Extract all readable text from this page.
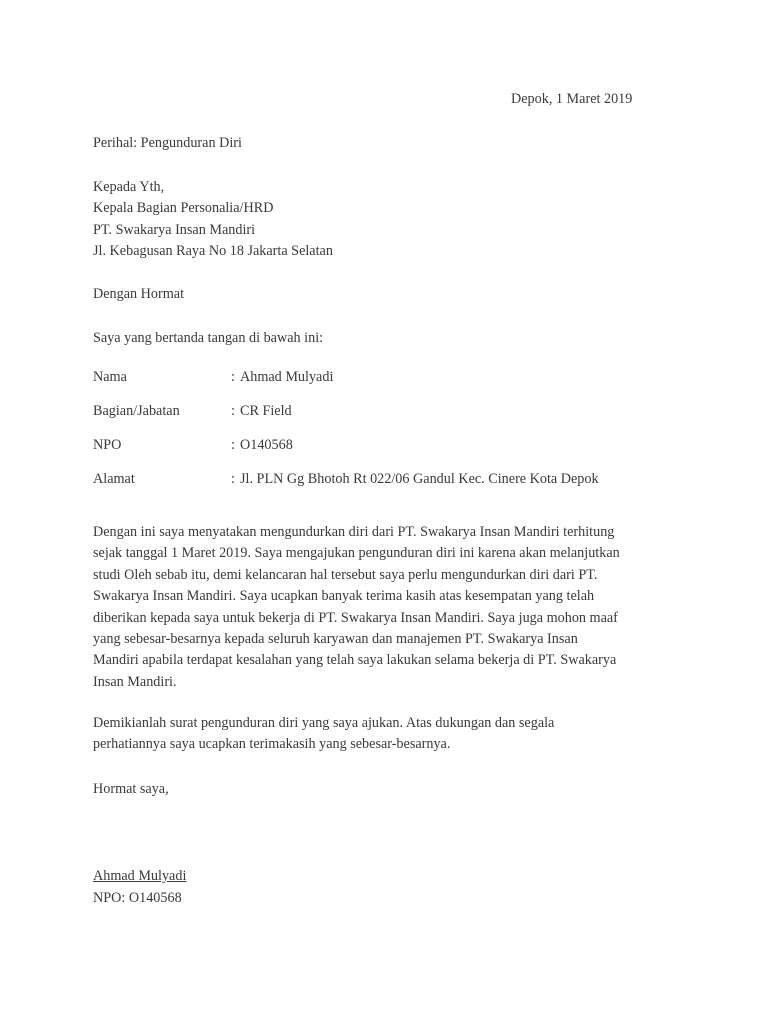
Depok, 1 Maret 2019
Perihal: Pengunduran Diri
Kepada Yth,
Kepala Bagian Personalia/HRD
PT. Swakarya Insan Mandiri
Jl. Kebagusan Raya No 18 Jakarta Selatan
Dengan Hormat
Saya yang bertanda tangan di bawah ini:
Nama	: Ahmad Mulyadi
Bagian/Jabatan	: CR Field
NPO	: O140568
Alamat	: Jl. PLN Gg Bhotoh Rt 022/06 Gandul Kec. Cinere Kota Depok
Dengan ini saya menyatakan mengundurkan diri dari PT. Swakarya Insan Mandiri terhitung
sejak tanggal 1 Maret 2019. Saya mengajukan pengunduran diri ini karena akan melanjutkan
studi Oleh sebab itu, demi kelancaran hal tersebut saya perlu mengundurkan diri dari PT.
Swakarya Insan Mandiri. Saya ucapkan banyak terima kasih atas kesempatan yang telah
diberikan kepada saya untuk bekerja di PT. Swakarya Insan Mandiri. Saya juga mohon maaf
yang sebesar-besarnya kepada seluruh karyawan dan manajemen PT. Swakarya Insan
Mandiri apabila terdapat kesalahan yang telah saya lakukan selama bekerja di PT. Swakarya
Insan Mandiri.
Demikianlah surat pengunduran diri yang saya ajukan. Atas dukungan dan segala
perhatiannya saya ucapkan terimakasih yang sebesar-besarnya.
Hormat saya,
Ahmad Mulyadi
NPO: O140568
